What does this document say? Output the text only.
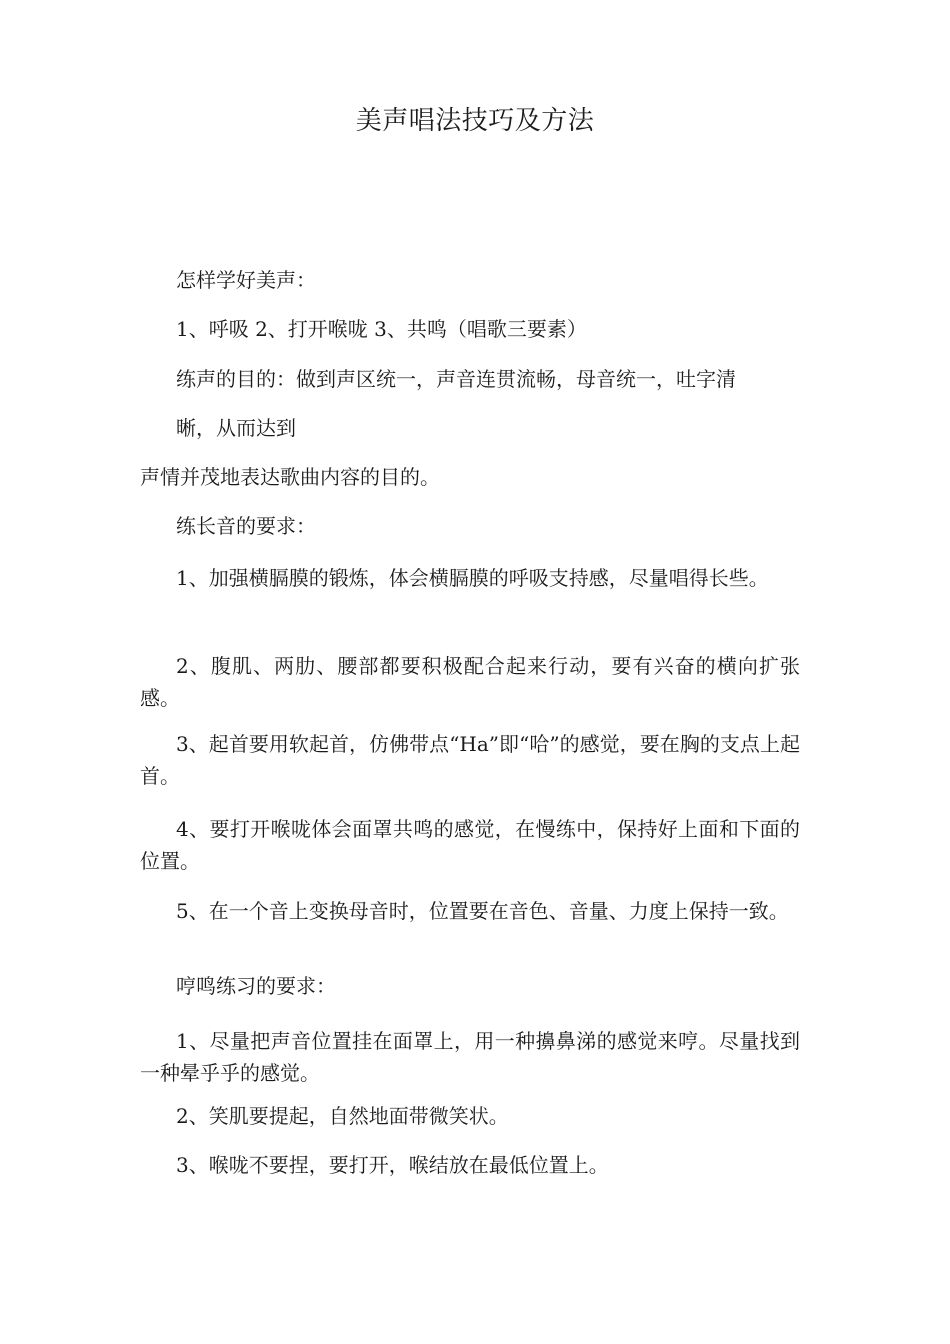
美声唱法技巧及方法
怎样学好美声：
1、呼吸 2、打开喉咙 3、共鸣（唱歌三要素）
练声的目的：做到声区统一，声音连贯流畅，母音统一，吐字清
晰，从而达到
声情并茂地表达歌曲内容的目的。
练长音的要求：
1、加强横膈膜的锻炼，体会横膈膜的呼吸支持感，尽量唱得长些。
2、腹肌、两肋、腰部都要积极配合起来行动，要有兴奋的横向扩张感。
3、起首要用软起首，仿佛带点“Ha”即“哈”的感觉，要在胸的支点上起首。
4、要打开喉咙体会面罩共鸣的感觉，在慢练中，保持好上面和下面的位置。
5、在一个音上变换母音时，位置要在音色、音量、力度上保持一致。
哼鸣练习的要求：
1、尽量把声音位置挂在面罩上，用一种擤鼻涕的感觉来哼。尽量找到一种晕乎乎的感觉。
2、笑肌要提起，自然地面带微笑状。
3、喉咙不要捏，要打开，喉结放在最低位置上。
